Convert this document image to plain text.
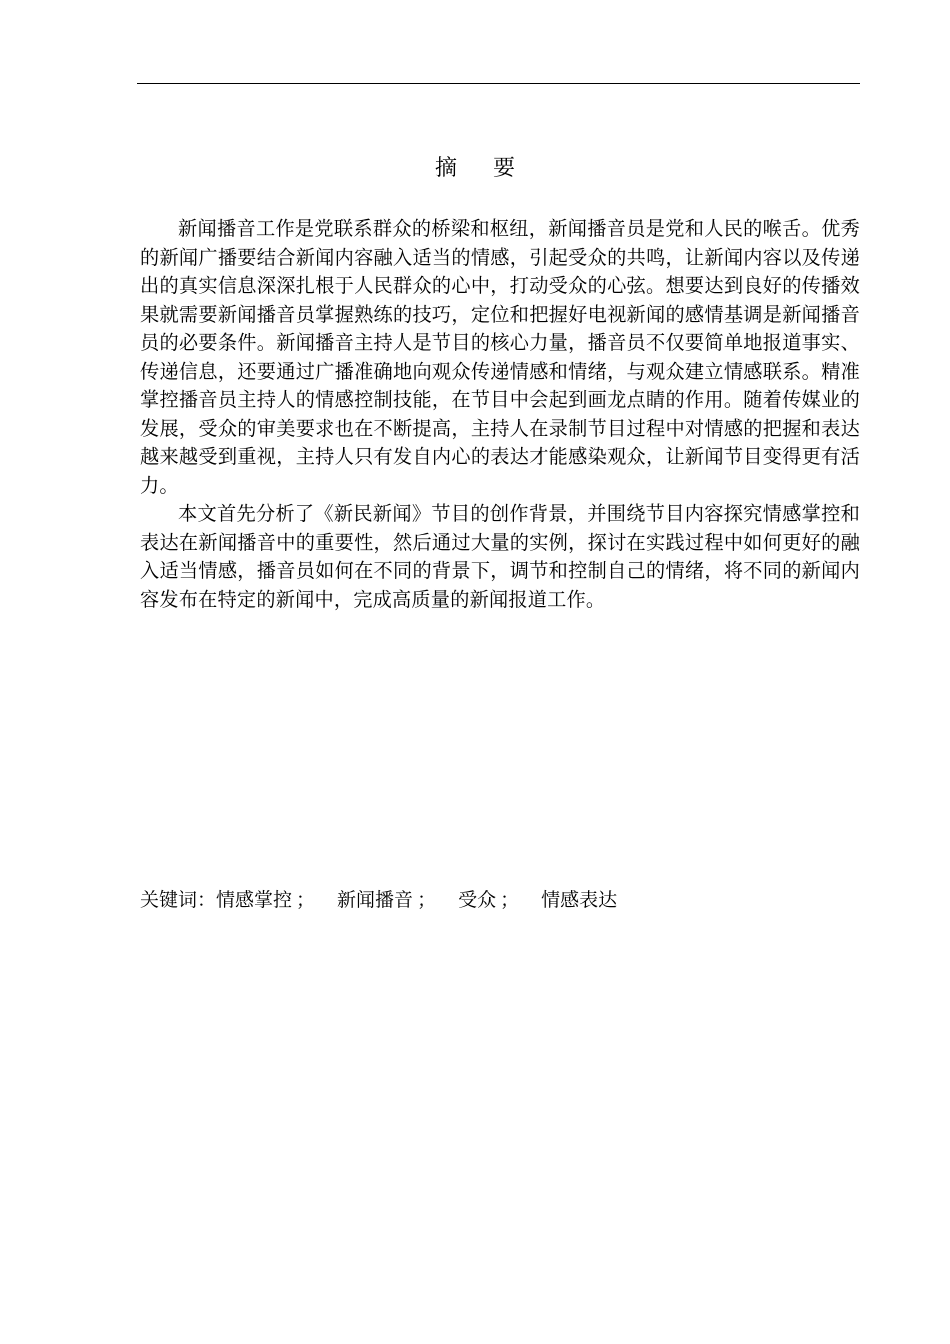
摘要

新闻播音工作是党联系群众的桥梁和枢纽，新闻播音员是党和人民的喉舌。优秀的新闻广播要结合新闻内容融入适当的情感，引起受众的共鸣，让新闻内容以及传递出的真实信息深深扎根于人民群众的心中，打动受众的心弦。想要达到良好的传播效果就需要新闻播音员掌握熟练的技巧，定位和把握好电视新闻的感情基调是新闻播音员的必要条件。新闻播音主持人是节目的核心力量，播音员不仅要简单地报道事实、传递信息，还要通过广播准确地向观众传递情感和情绪，与观众建立情感联系。精准掌控播音员主持人的情感控制技能，在节目中会起到画龙点睛的作用。随着传媒业的发展，受众的审美要求也在不断提高，主持人在录制节目过程中对情感的把握和表达越来越受到重视，主持人只有发自内心的表达才能感染观众，让新闻节目变得更有活力。

本文首先分析了《新民新闻》节目的创作背景，并围绕节目内容探究情感掌控和表达在新闻播音中的重要性，然后通过大量的实例，探讨在实践过程中如何更好的融入适当情感，播音员如何在不同的背景下，调节和控制自己的情绪，将不同的新闻内容发布在特定的新闻中，完成高质量的新闻报道工作。

关键词：情感掌控 ； 新闻播音 ； 受众 ； 情感表达
